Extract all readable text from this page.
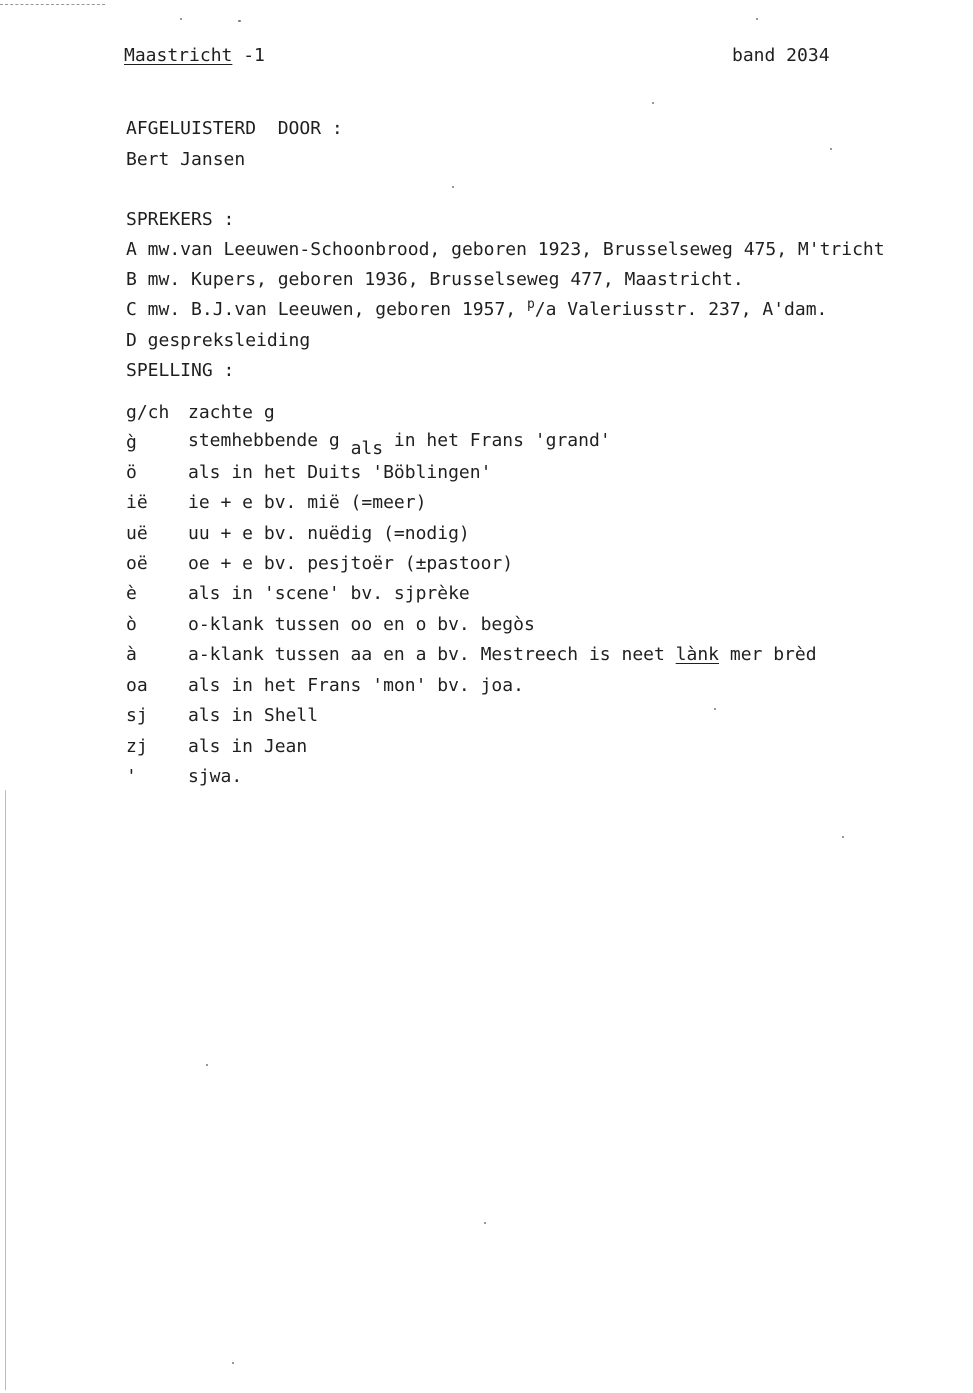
Maastricht -1	band 2034
AFGELUISTERD  DOOR :
Bert Jansen
SPREKERS :
A mw.van Leeuwen-Schoonbrood, geboren 1923, Brusselseweg 475, M'tricht
B mw. Kupers, geboren 1936, Brusselseweg 477, Maastricht.
C mw. B.J.van Leeuwen, geboren 1957, $^p$/a Valeriusstr. 237, A'dam.
D gespreksleiding
SPELLING :
g/ch zachte g
g̀	stemhebbende g als in het Frans 'grand'
ö	als in het Duits 'Böblingen'
ië ie + e bv. mië (=meer)
uë uu + e bv. nuëdig (=nodig)
oë oe + e bv. pesjtoër (±pastoor)
è	als in 'scene' bv. sjprèke
ò	o-klank tussen oo en o bv. begòs
à	a-klank tussen aa en a bv. Mestreech is neet lànk mer brèd
oa als in het Frans 'mon' bv. joa.
sj als in Shell
zj als in Jean
'	sjwa.
